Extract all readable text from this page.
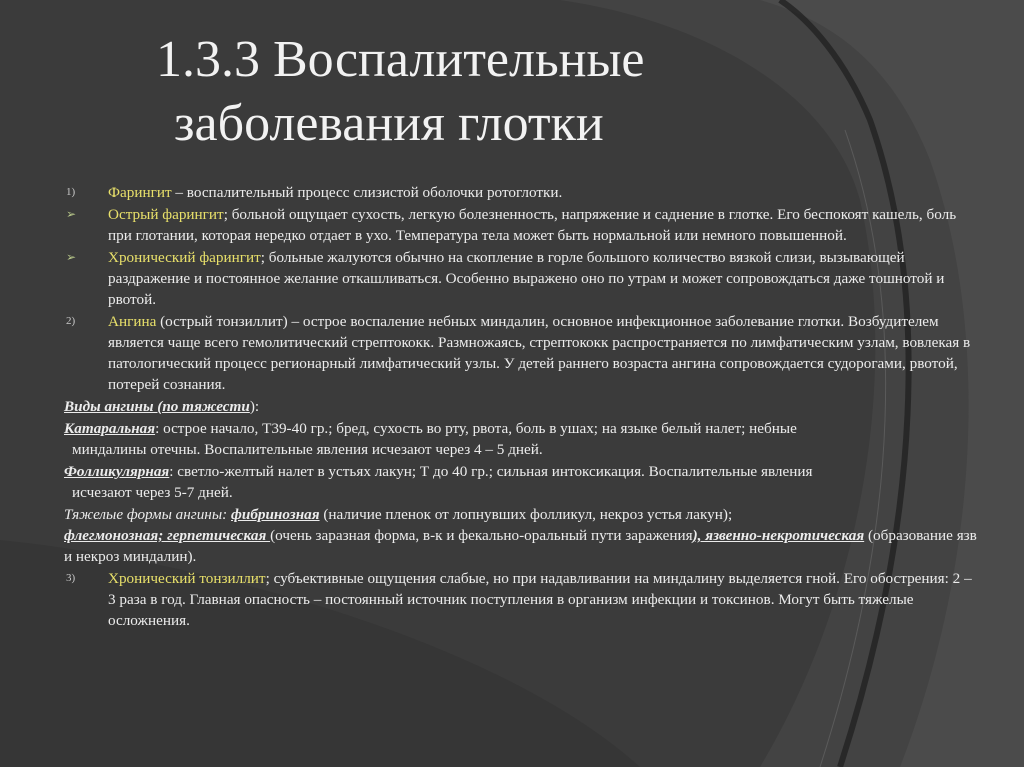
1.3.3 Воспалительные
заболевания глотки
1) Фарингит – воспалительный процесс слизистой оболочки ротоглотки.
➢ Острый фарингит; больной ощущает сухость, легкую болезненность, напряжение и саднение в глотке. Его беспокоят кашель, боль при глотании, которая нередко отдает в ухо. Температура тела может быть нормальной или немного повышенной.
➢ Хронический фарингит; больные жалуются обычно на скопление в горле большого количество вязкой слизи, вызывающей раздражение и постоянное желание откашливаться. Особенно выражено оно по утрам и может сопровождаться даже тошнотой и рвотой.
2) Ангина (острый тонзиллит) – острое воспаление небных миндалин, основное инфекционное заболевание глотки. Возбудителем является чаще всего гемолитический стрептококк. Размножаясь, стрептококк распространяется по лимфатическим узлам, вовлекая в патологический процесс регионарный лимфатический узлы. У детей раннего возраста ангина сопровождается судорогами, рвотой, потерей сознания.
Виды ангины (по тяжести):
Катаральная: острое начало, Т39-40 гр.; бред, сухость во рту, рвота, боль в ушах; на языке белый налет; небные
миндалины отечны. Воспалительные явления исчезают через 4 – 5 дней.
Фолликулярная: светло-желтый налет в устьях лакун; Т до 40 гр.; сильная интоксикация. Воспалительные явления
исчезают через 5-7 дней.
Тяжелые формы ангины: фибринозная (наличие пленок от лопнувших фолликул, некроз устья лакун);
флегмонозная; герпетическая (очень заразная форма, в-к и фекально-оральный пути заражения), язвенно-некротическая (образование язв и некроз миндалин).
3) Хронический тонзиллит; субъективные ощущения слабые, но при надавливании на миндалину выделяется гной. Его обострения: 2 – 3 раза в год. Главная опасность – постоянный источник поступления в организм инфекции и токсинов. Могут быть тяжелые осложнения.
